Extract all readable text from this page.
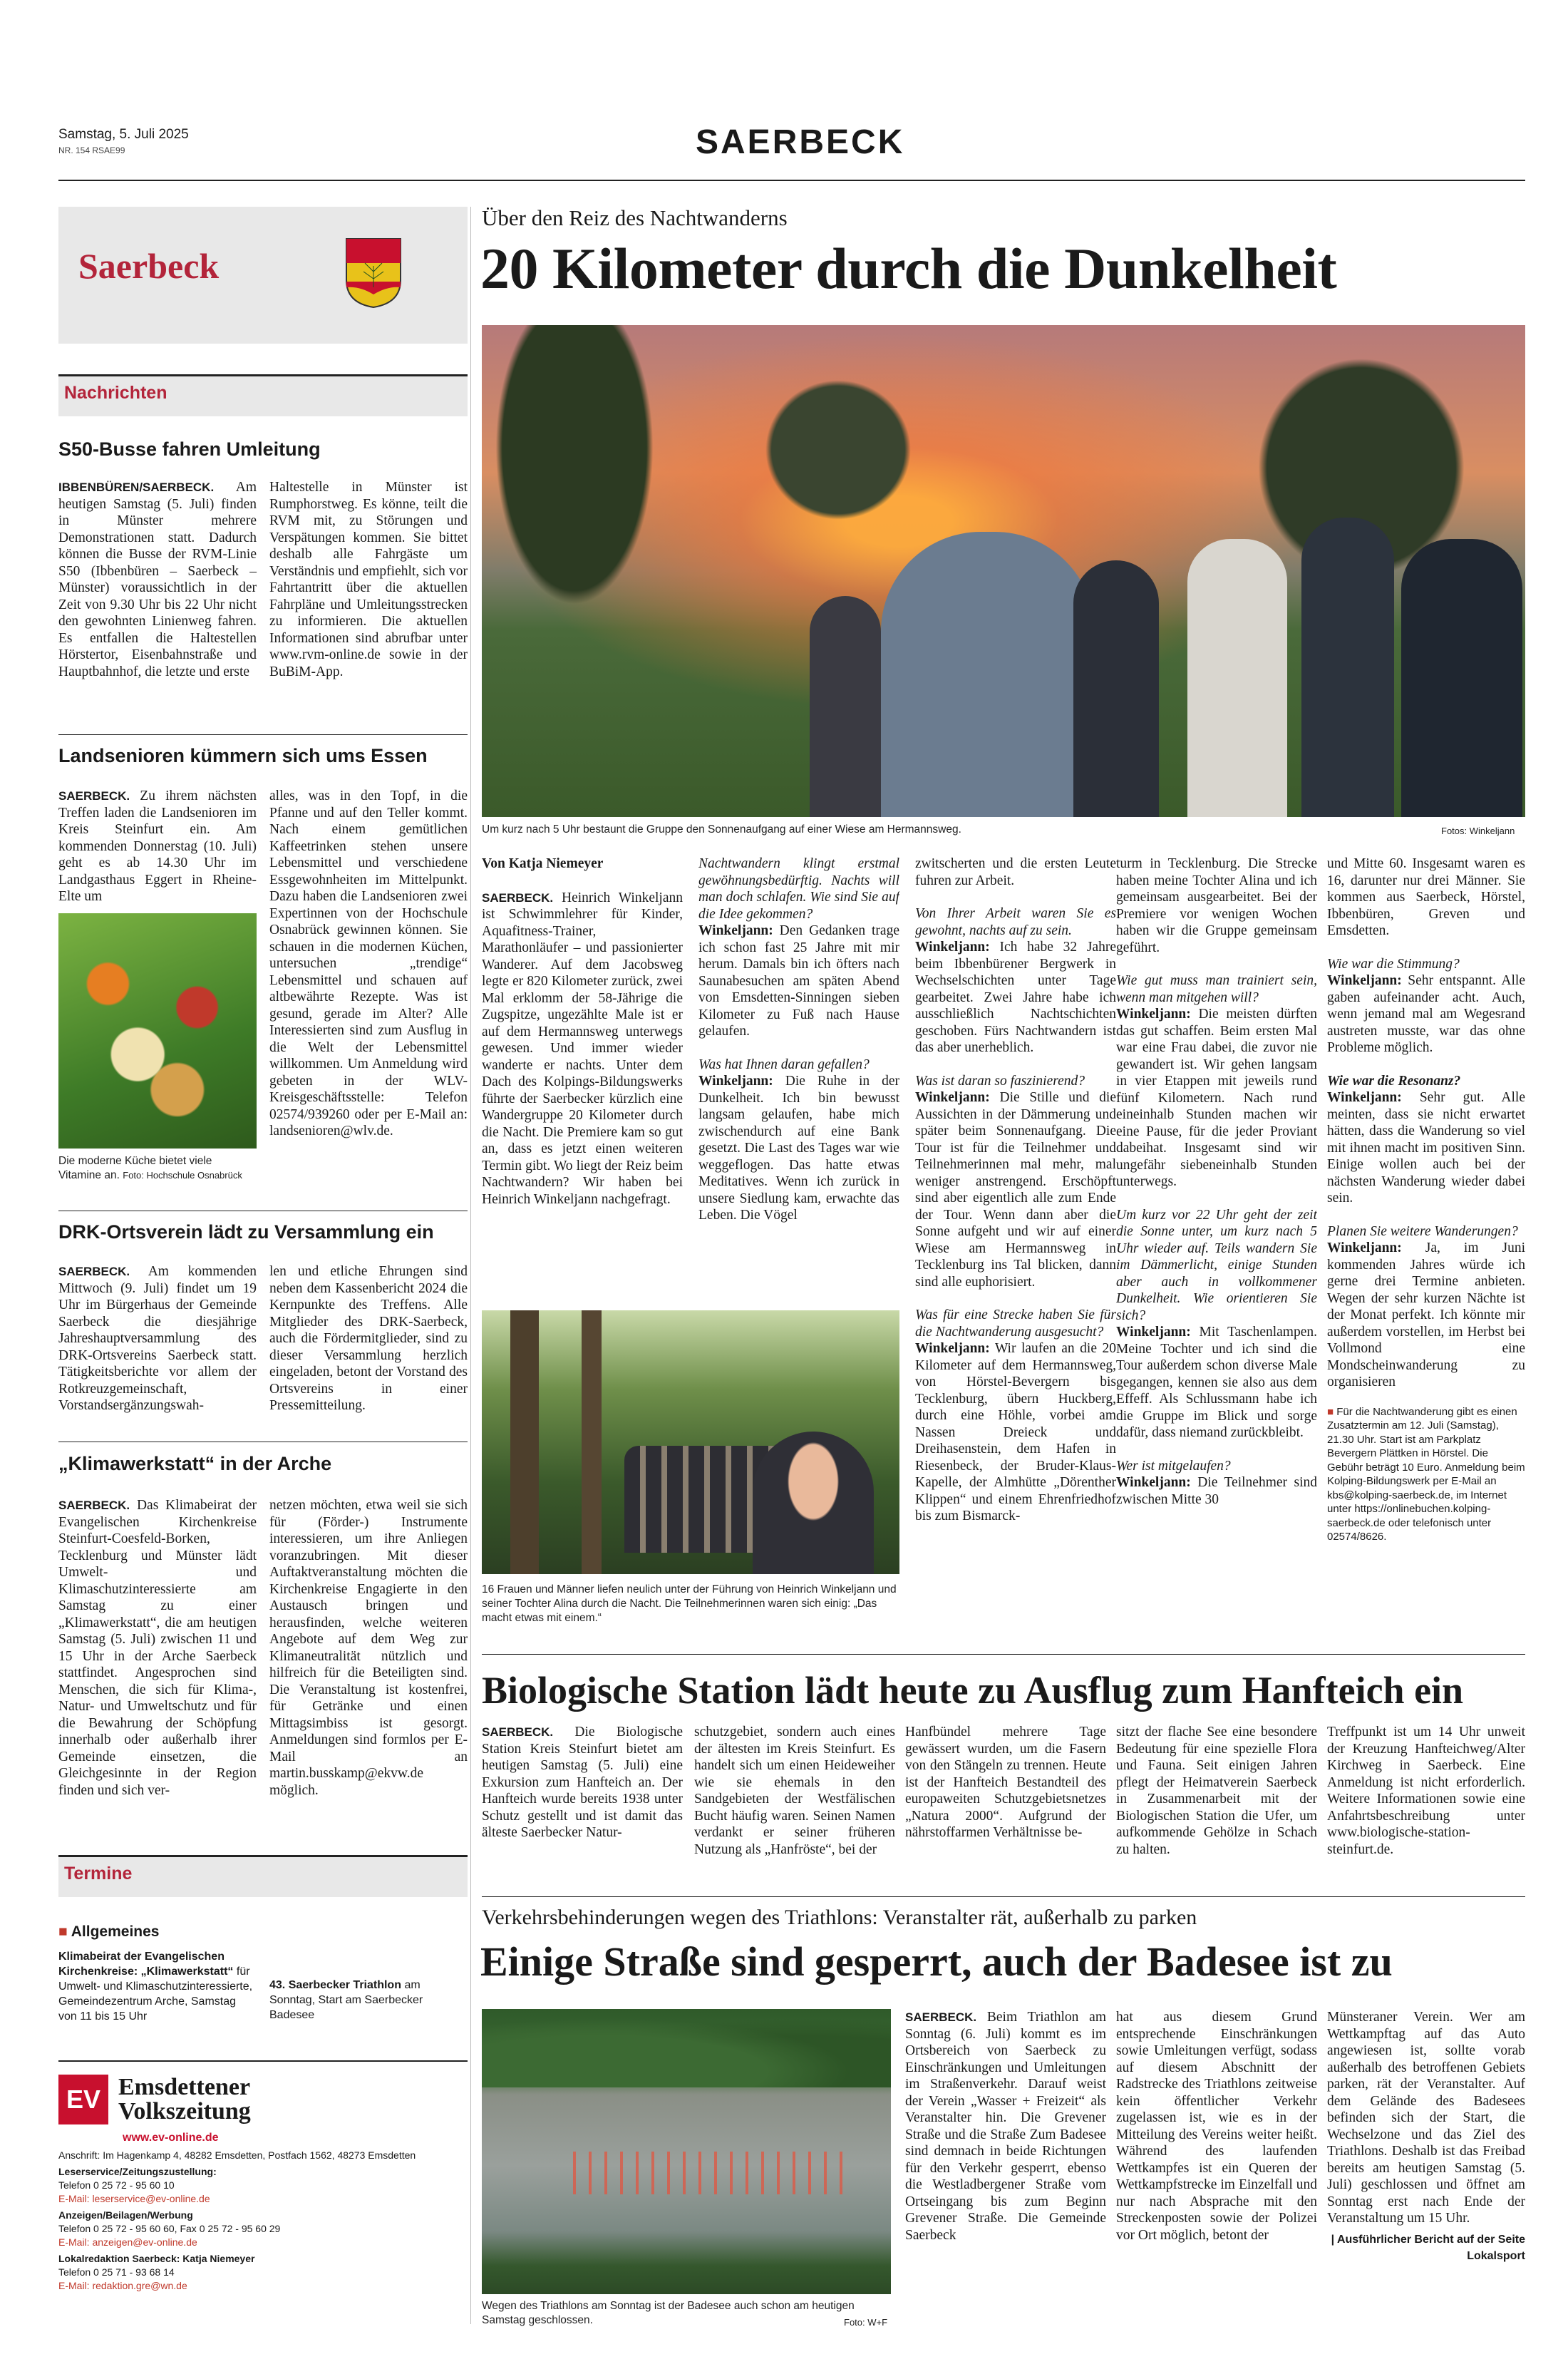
Samstag, 5. Juli 2025
NR. 154 RSAE99	SAERBECK
Saerbeck
Nachrichten
S50-Busse fahren Umleitung
IBBENBÜREN/SAERBECK. Am heutigen Samstag (5. Juli) finden in Münster mehrere Demonstrationen statt. Dadurch können die Busse der RVM-Linie S50 (Ibbenbüren – Saerbeck – Münster) voraussichtlich in der Zeit von 9.30 Uhr bis 22 Uhr nicht den gewohnten Linienweg fahren. Es entfallen die Haltestellen Hörstertor, Eisenbahnstraße und Hauptbahnhof, die letzte und erste
Haltestelle in Münster ist Rumphorstweg. Es könne, teilt die RVM mit, zu Störungen und Verspätungen kommen. Sie bittet deshalb alle Fahrgäste um Verständnis und empfiehlt, sich vor Fahrtantritt über die aktuellen Fahrpläne und Umleitungsstrecken zu informieren. Die aktuellen Informationen sind abrufbar unter www.rvm-online.de sowie in der BuBiM-App.
Landsenioren kümmern sich ums Essen
SAERBECK. Zu ihrem nächsten Treffen laden die Landsenioren im Kreis Steinfurt ein. Am kommenden Donnerstag (10. Juli) geht es ab 14.30 Uhr im Landgasthaus Eggert in Rheine-Elte um
Die moderne Küche bietet viele Vitamine an. Foto: Hochschule Osnabrück
alles, was in den Topf, in die Pfanne und auf den Teller kommt. Nach einem gemütlichen Kaffeetrinken stehen unsere Lebensmittel und verschiedene Essgewohnheiten im Mittelpunkt. Dazu haben die Landsenioren zwei Expertinnen von der Hochschule Osnabrück gewinnen können. Sie schauen in die modernen Küchen, untersuchen „trendige“ Lebensmittel und schauen auf altbewährte Rezepte. Was ist gesund, gerade im Alter? Alle Interessierten sind zum Ausflug in die Welt der Lebensmittel willkommen. Um Anmeldung wird gebeten in der WLV-Kreisgeschäftsstelle: Telefon 02574/939260 oder per E-Mail an: landsenioren@wlv.de.
DRK-Ortsverein lädt zu Versammlung ein
SAERBECK. Am kommenden Mittwoch (9. Juli) findet um 19 Uhr im Bürgerhaus der Gemeinde Saerbeck die diesjährige Jahreshauptversammlung des DRK-Ortsvereins Saerbeck statt. Tätigkeitsberichte vor allem der Rotkreuzgemeinschaft, Vorstandsergänzungswah-
len und etliche Ehrungen sind neben dem Kassenbericht 2024 die Kernpunkte des Treffens. Alle Mitglieder des DRK-Saerbeck, auch die Fördermitglieder, sind zu dieser Versammlung herzlich eingeladen, betont der Vorstand des Ortsvereins in einer Pressemitteilung.
„Klimawerkstatt“ in der Arche
SAERBECK. Das Klimabeirat der Evangelischen Kirchenkreise Steinfurt-Coesfeld-Borken, Tecklenburg und Münster lädt Umwelt- und Klimaschutzinteressierte am Samstag zu einer „Klimawerkstatt“, die am heutigen Samstag (5. Juli) zwischen 11 und 15 Uhr in der Arche Saerbeck stattfindet. Angesprochen sind Menschen, die sich für Klima-, Natur- und Umweltschutz und für die Bewahrung der Schöpfung innerhalb oder außerhalb ihrer Gemeinde einsetzen, die Gleichgesinnte in der Region finden und sich ver-
netzen möchten, etwa weil sie sich für (Förder-) Instrumente interessieren, um ihre Anliegen voranzubringen. Mit dieser Auftaktveranstaltung möchten die Kirchenkreise Engagierte in den Austausch bringen und herausfinden, welche weiteren Angebote auf dem Weg zur Klimaneutralität nützlich und hilfreich für die Beteiligten sind. Die Veranstaltung ist kostenfrei, für Getränke und einen Mittagsimbiss ist gesorgt. Anmeldungen sind formlos per E-Mail an martin.busskamp@ekvw.de möglich.
Termine
■ Allgemeines
Klimabeirat der Evangelischen Kirchenkreise: „Klimawerkstatt“ für Umwelt- und Klimaschutzinteressierte, Gemeindezentrum Arche, Samstag von 11 bis 15 Uhr
43. Saerbecker Triathlon am Sonntag, Start am Saerbecker Badesee
EV Emsdettener
Volkszeitung
www.ev-online.de
Anschrift: Im Hagenkamp 4, 48282 Emsdetten, Postfach 1562, 48273 Emsdetten
Leserservice/Zeitungszustellung:
Telefon 0 25 72 - 95 60 10
E-Mail: leserservice@ev-online.de
Anzeigen/Beilagen/Werbung
Telefon 0 25 72 - 95 60 60, Fax 0 25 72 - 95 60 29
E-Mail: anzeigen@ev-online.de
Lokalredaktion Saerbeck: Katja Niemeyer
Telefon 0 25 71 - 93 68 14
E-Mail: redaktion.gre@wn.de
Über den Reiz des Nachtwanderns
20 Kilometer durch die Dunkelheit
Um kurz nach 5 Uhr bestaunt die Gruppe den Sonnenaufgang auf einer Wiese am Hermannsweg.	Fotos: Winkeljann
Von Katja Niemeyer
SAERBECK. Heinrich Winkeljann ist Schwimmlehrer für Kinder, Aquafitness-Trainer, Marathonläufer – und passionierter Wanderer. Auf dem Jacobsweg legte er 820 Kilometer zurück, zwei Mal erklomm der 58-Jährige die Zugspitze, ungezählte Male ist er auf dem Hermannsweg unterwegs gewesen. Und immer wieder wanderte er nachts. Unter dem Dach des Kolpings-Bildungswerks führte der Saerbecker kürzlich eine Wandergruppe 20 Kilometer durch die Nacht. Die Premiere kam so gut an, dass es jetzt einen weiteren Termin gibt. Wo liegt der Reiz beim Nachtwandern? Wir haben bei Heinrich Winkeljann nachgefragt.
Nachtwandern klingt erstmal gewöhnungsbedürftig. Nachts will man doch schlafen. Wie sind Sie auf die Idee gekommen?
Winkeljann: Den Gedanken trage ich schon fast 25 Jahre mit mir herum. Damals bin ich öfters nach Saunabesuchen am späten Abend von Emsdetten-Sinningen sieben Kilometer zu Fuß nach Hause gelaufen.
Was hat Ihnen daran gefallen?
Winkeljann: Die Ruhe in der Dunkelheit. Ich bin bewusst langsam gelaufen, habe mich zwischendurch auf eine Bank gesetzt. Die Last des Tages war wie weggeflogen. Das hatte etwas Meditatives. Wenn ich zurück in unsere Siedlung kam, erwachte das Leben. Die Vögel
16 Frauen und Männer liefen neulich unter der Führung von Heinrich Winkeljann und seiner Tochter Alina durch die Nacht. Die Teilnehmerinnen waren sich einig: „Das macht etwas mit einem.“
zwitscherten und die ersten Leute fuhren zur Arbeit.
Von Ihrer Arbeit waren Sie es gewohnt, nachts auf zu sein.
Winkeljann: Ich habe 32 Jahre beim Ibbenbürener Bergwerk in Wechselschichten unter Tage gearbeitet. Zwei Jahre habe ich ausschließlich Nachtschichten geschoben. Fürs Nachtwandern ist das aber unerheblich.
Was ist daran so faszinierend?
Winkeljann: Die Stille und die Aussichten in der Dämmerung und später beim Sonnenaufgang. Die Tour ist für die Teilnehmer und Teilnehmerinnen mal mehr, mal weniger anstrengend. Erschöpft sind aber eigentlich alle zum Ende der Tour. Wenn dann aber die Sonne aufgeht und wir auf einer Wiese am Hermannsweg in Tecklenburg ins Tal blicken, dann sind alle euphorisiert.
Was für eine Strecke haben Sie für die Nachtwanderung ausgesucht?
Winkeljann: Wir laufen an die 20 Kilometer auf dem Hermannsweg, von Hörstel-Bevergern bis Tecklenburg, übern Huckberg, durch eine Höhle, vorbei am Nassen Dreieck und Dreihasenstein, dem Hafen in Riesenbeck, der Bruder-Klaus-Kapelle, der Almhütte „Dörenther Klippen“ und einem Ehrenfriedhof bis zum Bismarck-
turm in Tecklenburg. Die Strecke haben meine Tochter Alina und ich gemeinsam ausgearbeitet. Bei der Premiere vor wenigen Wochen haben wir die Gruppe gemeinsam geführt.
Wie gut muss man trainiert sein, wenn man mitgehen will?
Winkeljann: Die meisten dürften das gut schaffen. Beim ersten Mal war eine Frau dabei, die zuvor nie gewandert ist. Wir gehen langsam in vier Etappen mit jeweils rund fünf Kilometern. Nach rund eineinhalb Stunden machen wir eine Pause, für die jeder Proviant dabeihat. Insgesamt sind wir ungefähr siebeneinhalb Stunden unterwegs.
Um kurz vor 22 Uhr geht der zeit die Sonne unter, um kurz nach 5 Uhr wieder auf. Teils wandern Sie im Dämmerlicht, einige Stunden aber auch in vollkommener Dunkelheit. Wie orientieren Sie sich?
Winkeljann: Mit Taschenlampen. Meine Tochter und ich sind die Tour außerdem schon diverse Male gegangen, kennen sie also aus dem Effeff. Als Schlussmann habe ich die Gruppe im Blick und sorge dafür, dass niemand zurückbleibt.
Wer ist mitgelaufen?
Winkeljann: Die Teilnehmer sind zwischen Mitte 30
und Mitte 60. Insgesamt waren es 16, darunter nur drei Männer. Sie kommen aus Saerbeck, Hörstel, Ibbenbüren, Greven und Emsdetten.
Wie war die Stimmung?
Winkeljann: Sehr entspannt. Alle gaben aufeinander acht. Auch, wenn jemand mal am Wegesrand austreten musste, war das ohne Probleme möglich.
Wie war die Resonanz?
Winkeljann: Sehr gut. Alle meinten, dass sie nicht erwartet hätten, dass die Wanderung so viel mit ihnen macht im positiven Sinn. Einige wollen auch bei der nächsten Wanderung wieder dabei sein.
Planen Sie weitere Wanderungen?
Winkeljann: Ja, im Juni kommenden Jahres würde ich gerne drei Termine anbieten. Wegen der sehr kurzen Nächte ist der Monat perfekt. Ich könnte mir außerdem vorstellen, im Herbst bei Vollmond eine Mondscheinwanderung zu organisieren
■ Für die Nachtwanderung gibt es einen Zusatztermin am 12. Juli (Samstag), 21.30 Uhr. Start ist am Parkplatz Bevergern Plättken in Hörstel. Die Gebühr beträgt 10 Euro. Anmeldung beim Kolping-Bildungswerk per E-Mail an kbs@kolping-saerbeck.de, im Internet unter https://onlinebuchen.kolping-saerbeck.de oder telefonisch unter 02574/8626.
Biologische Station lädt heute zu Ausflug zum Hanfteich ein
SAERBECK. Die Biologische Station Kreis Steinfurt bietet am heutigen Samstag (5. Juli) eine Exkursion zum Hanfteich an. Der Hanfteich wurde bereits 1938 unter Schutz gestellt und ist damit das älteste Saerbecker Natur-
schutzgebiet, sondern auch eines der ältesten im Kreis Steinfurt. Es handelt sich um einen Heideweiher wie sie ehemals in den Sandgebieten der Westfälischen Bucht häufig waren. Seinen Namen verdankt er seiner früheren Nutzung als „Hanfröste“, bei der
Hanfbündel mehrere Tage gewässert wurden, um die Fasern von den Stängeln zu trennen. Heute ist der Hanfteich Bestandteil des europaweiten Schutzgebietsnetzes „Natura 2000“. Aufgrund der nährstoffarmen Verhältnisse be-
sitzt der flache See eine besondere Bedeutung für eine spezielle Flora und Fauna. Seit einigen Jahren pflegt der Heimatverein Saerbeck in Zusammenarbeit mit der Biologischen Station die Ufer, um aufkommende Gehölze in Schach zu halten.
Treffpunkt ist um 14 Uhr unweit der Kreuzung Hanfteichweg/Alter Kirchweg in Saerbeck. Eine Anmeldung ist nicht erforderlich. Weitere Informationen sowie eine Anfahrtsbeschreibung unter www.biologische-station-steinfurt.de.
Verkehrsbehinderungen wegen des Triathlons: Veranstalter rät, außerhalb zu parken
Einige Straße sind gesperrt, auch der Badesee ist zu
Wegen des Triathlons am Sonntag ist der Badesee auch schon am heutigen Samstag geschlossen.	Foto: W+F
SAERBECK. Beim Triathlon am Sonntag (6. Juli) kommt es im Ortsbereich von Saerbeck zu Einschränkungen und Umleitungen im Straßenverkehr. Darauf weist der Verein „Wasser + Freizeit“ als Veranstalter hin. Die Grevener Straße und die Straße Zum Badesee sind demnach in beide Richtungen für den Verkehr gesperrt, ebenso die Westladbergener Straße vom Ortseingang bis zum Beginn Grevener Straße. Die Gemeinde Saerbeck
hat aus diesem Grund entsprechende Einschränkungen sowie Umleitungen verfügt, sodass auf diesem Abschnitt der Radstrecke des Triathlons zeitweise kein öffentlicher Verkehr zugelassen ist, wie es in der Mitteilung des Vereins weiter heißt. Während des laufenden Wettkampfes ist ein Queren der Wettkampfstrecke im Einzelfall und nur nach Absprache mit den Streckenposten sowie der Polizei vor Ort möglich, betont der
Münsteraner Verein. Wer am Wettkampftag auf das Auto angewiesen ist, sollte vorab außerhalb des betroffenen Gebiets parken, rät der Veranstalter. Auf dem Gelände des Badesees befinden sich der Start, die Wechselzone und das Ziel des Triathlons. Deshalb ist das Freibad bereits am heutigen Samstag (5. Juli) geschlossen und öffnet am Sonntag erst nach Ende der Veranstaltung um 15 Uhr.
| Ausführlicher Bericht auf der Seite Lokalsport
